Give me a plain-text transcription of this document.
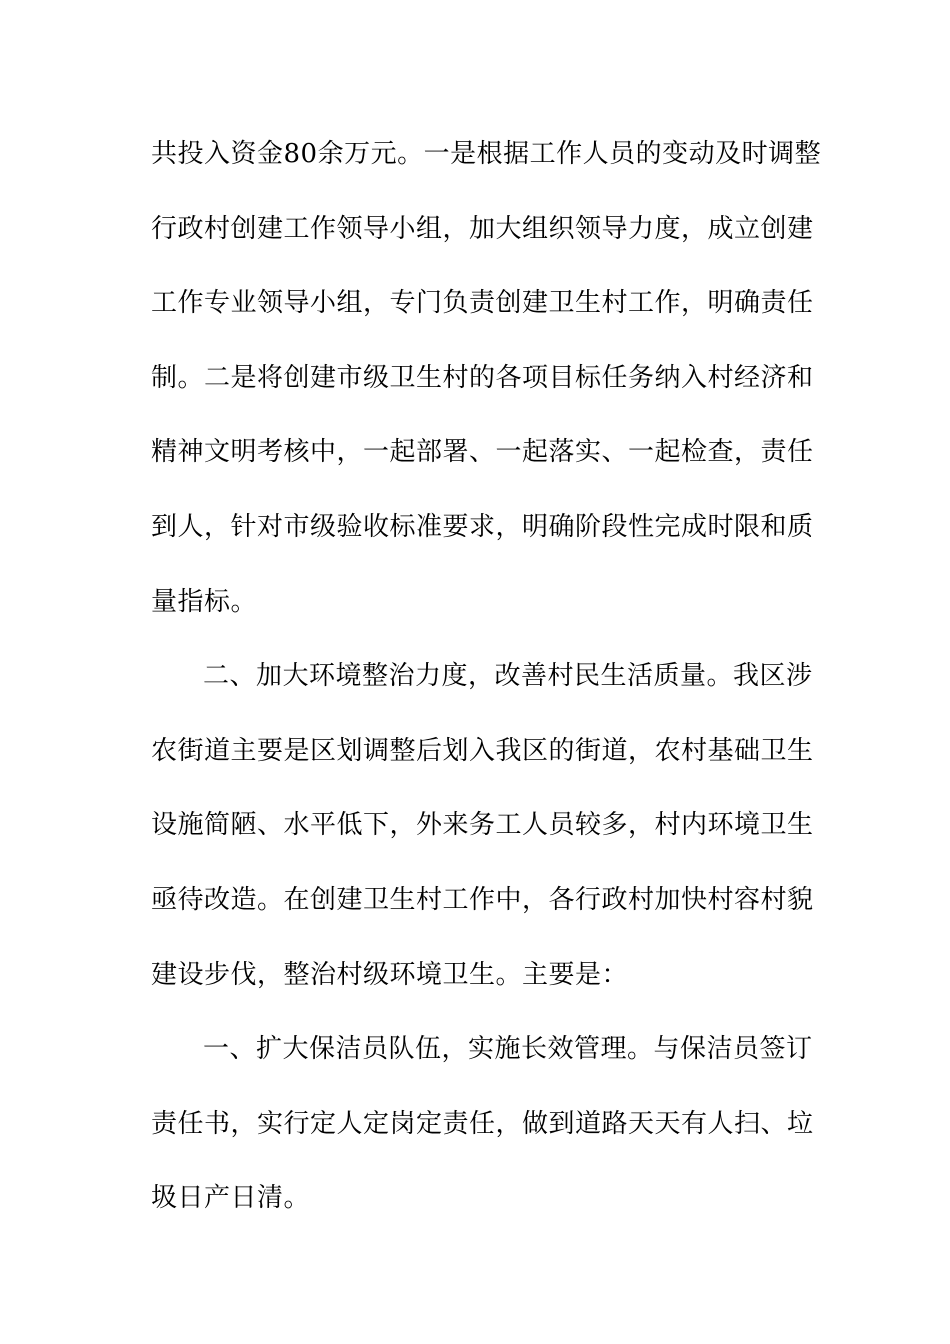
共投入资金80余万元。一是根据工作人员的变动及时调整
行政村创建工作领导小组，加大组织领导力度，成立创建
工作专业领导小组，专门负责创建卫生村工作，明确责任
制。二是将创建市级卫生村的各项目标任务纳入村经济和
精神文明考核中，一起部署、一起落实、一起检查，责任
到人，针对市级验收标准要求，明确阶段性完成时限和质
量指标。
二、加大环境整治力度，改善村民生活质量。我区涉
农街道主要是区划调整后划入我区的街道，农村基础卫生
设施简陋、水平低下，外来务工人员较多，村内环境卫生
亟待改造。在创建卫生村工作中，各行政村加快村容村貌
建设步伐，整治村级环境卫生。主要是：
一、扩大保洁员队伍，实施长效管理。与保洁员签订
责任书，实行定人定岗定责任，做到道路天天有人扫、垃
圾日产日清。
